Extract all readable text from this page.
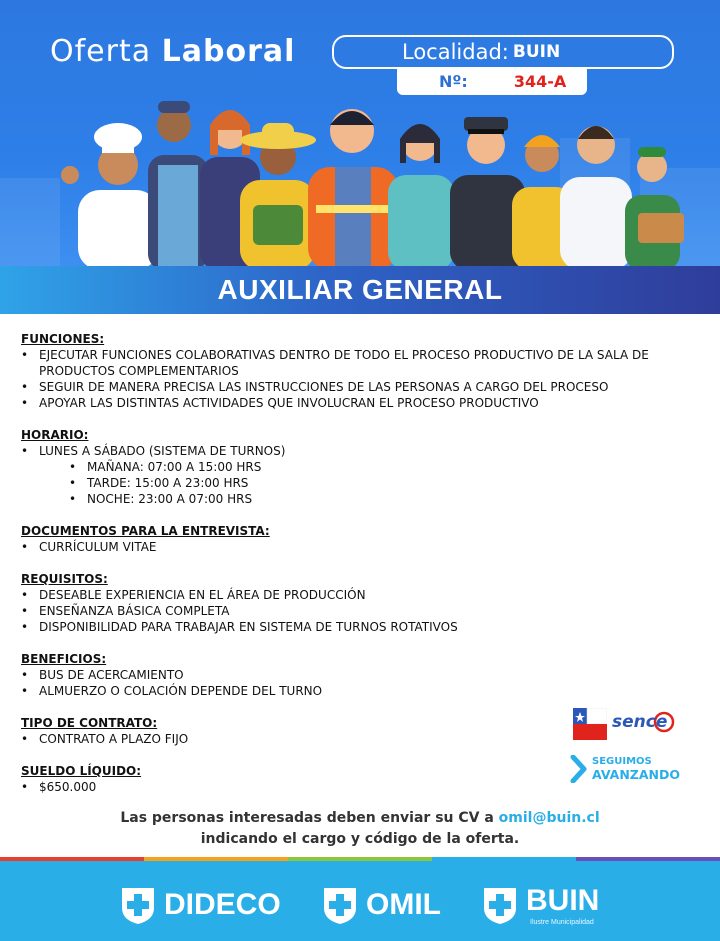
Oferta Laboral	Localidad: BUIN
Nº:	344-A
AUXILIAR GENERAL
FUNCIONES:
• EJECUTAR FUNCIONES COLABORATIVAS DENTRO DE TODO EL PROCESO PRODUCTIVO DE LA SALA DE PRODUCTOS COMPLEMENTARIOS
• SEGUIR DE MANERA PRECISA LAS INSTRUCCIONES DE LAS PERSONAS A CARGO DEL PROCESO
• APOYAR LAS DISTINTAS ACTIVIDADES QUE INVOLUCRAN EL PROCESO PRODUCTIVO
HORARIO:
• LUNES A SÁBADO (SISTEMA DE TURNOS)
• MAÑANA: 07:00 A 15:00 HRS
• TARDE: 15:00 A 23:00 HRS
• NOCHE: 23:00 A 07:00 HRS
DOCUMENTOS PARA LA ENTREVISTA:
• CURRÍCULUM VITAE
REQUISITOS:
• DESEABLE EXPERIENCIA EN EL ÁREA DE PRODUCCIÓN
• ENSEÑANZA BÁSICA COMPLETA
• DISPONIBILIDAD PARA TRABAJAR EN SISTEMA DE TURNOS ROTATIVOS
BENEFICIOS:
• BUS DE ACERCAMIENTO
• ALMUERZO O COLACIÓN DEPENDE DEL TURNO
TIPO DE CONTRATO:
• CONTRATO A PLAZO FIJO
SUELDO LÍQUIDO:
• $650.000
sence
SEGUIMOS
AVANZANDO
Las personas interesadas deben enviar su CV a omil@buin.cl
indicando el cargo y código de la oferta.
DIDECO	OMIL	BUIN
Ilustre Municipalidad
